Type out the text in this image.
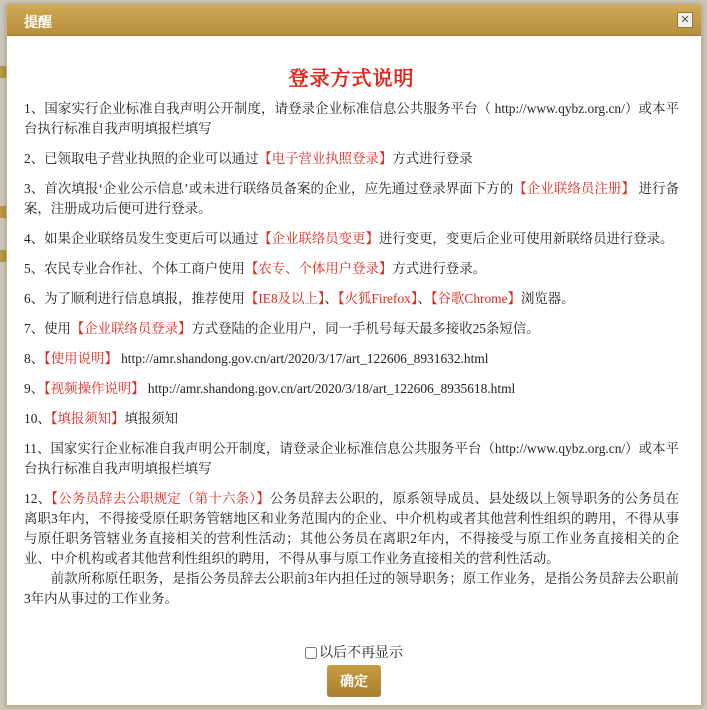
提醒	✕
登录方式说明
1、国家实行企业标准自我声明公开制度，请登录企业标准信息公共服务平台（ http://www.qybz.org.cn/）或本平台执行标准自我声明填报栏填写
2、已领取电子营业执照的企业可以通过【电子营业执照登录】方式进行登录
3、首次填报‘企业公示信息’或未进行联络员备案的企业，应先通过登录界面下方的【企业联络员注册】 进行备案，注册成功后便可进行登录。
4、如果企业联络员发生变更后可以通过【企业联络员变更】进行变更，变更后企业可使用新联络员进行登录。
5、农民专业合作社、个体工商户使用【农专、个体用户登录】方式进行登录。
6、为了顺利进行信息填报，推荐使用【IE8及以上】、【火狐Firefox】、【谷歌Chrome】浏览器。
7、使用【企业联络员登录】方式登陆的企业用户，同一手机号每天最多接收25条短信。
8、【使用说明】 http://amr.shandong.gov.cn/art/2020/3/17/art_122606_8931632.html
9、【视频操作说明】 http://amr.shandong.gov.cn/art/2020/3/18/art_122606_8935618.html
10、【填报须知】填报须知
11、国家实行企业标准自我声明公开制度，请登录企业标准信息公共服务平台（http://www.qybz.org.cn/）或本平台执行标准自我声明填报栏填写
12、【公务员辞去公职规定（第十六条）】公务员辞去公职的，原系领导成员、县处级以上领导职务的公务员在离职3年内，不得接受原任职务管辖地区和业务范围内的企业、中介机构或者其他营利性组织的聘用，不得从事与原任职务管辖业务直接相关的营利性活动；其他公务员在离职2年内，不得接受与原工作业务直接相关的企业、中介机构或者其他营利性组织的聘用，不得从事与原工作业务直接相关的营利性活动。
前款所称原任职务，是指公务员辞去公职前3年内担任过的领导职务；原工作业务，是指公务员辞去公职前3年内从事过的工作业务。
以后不再显示
确定
